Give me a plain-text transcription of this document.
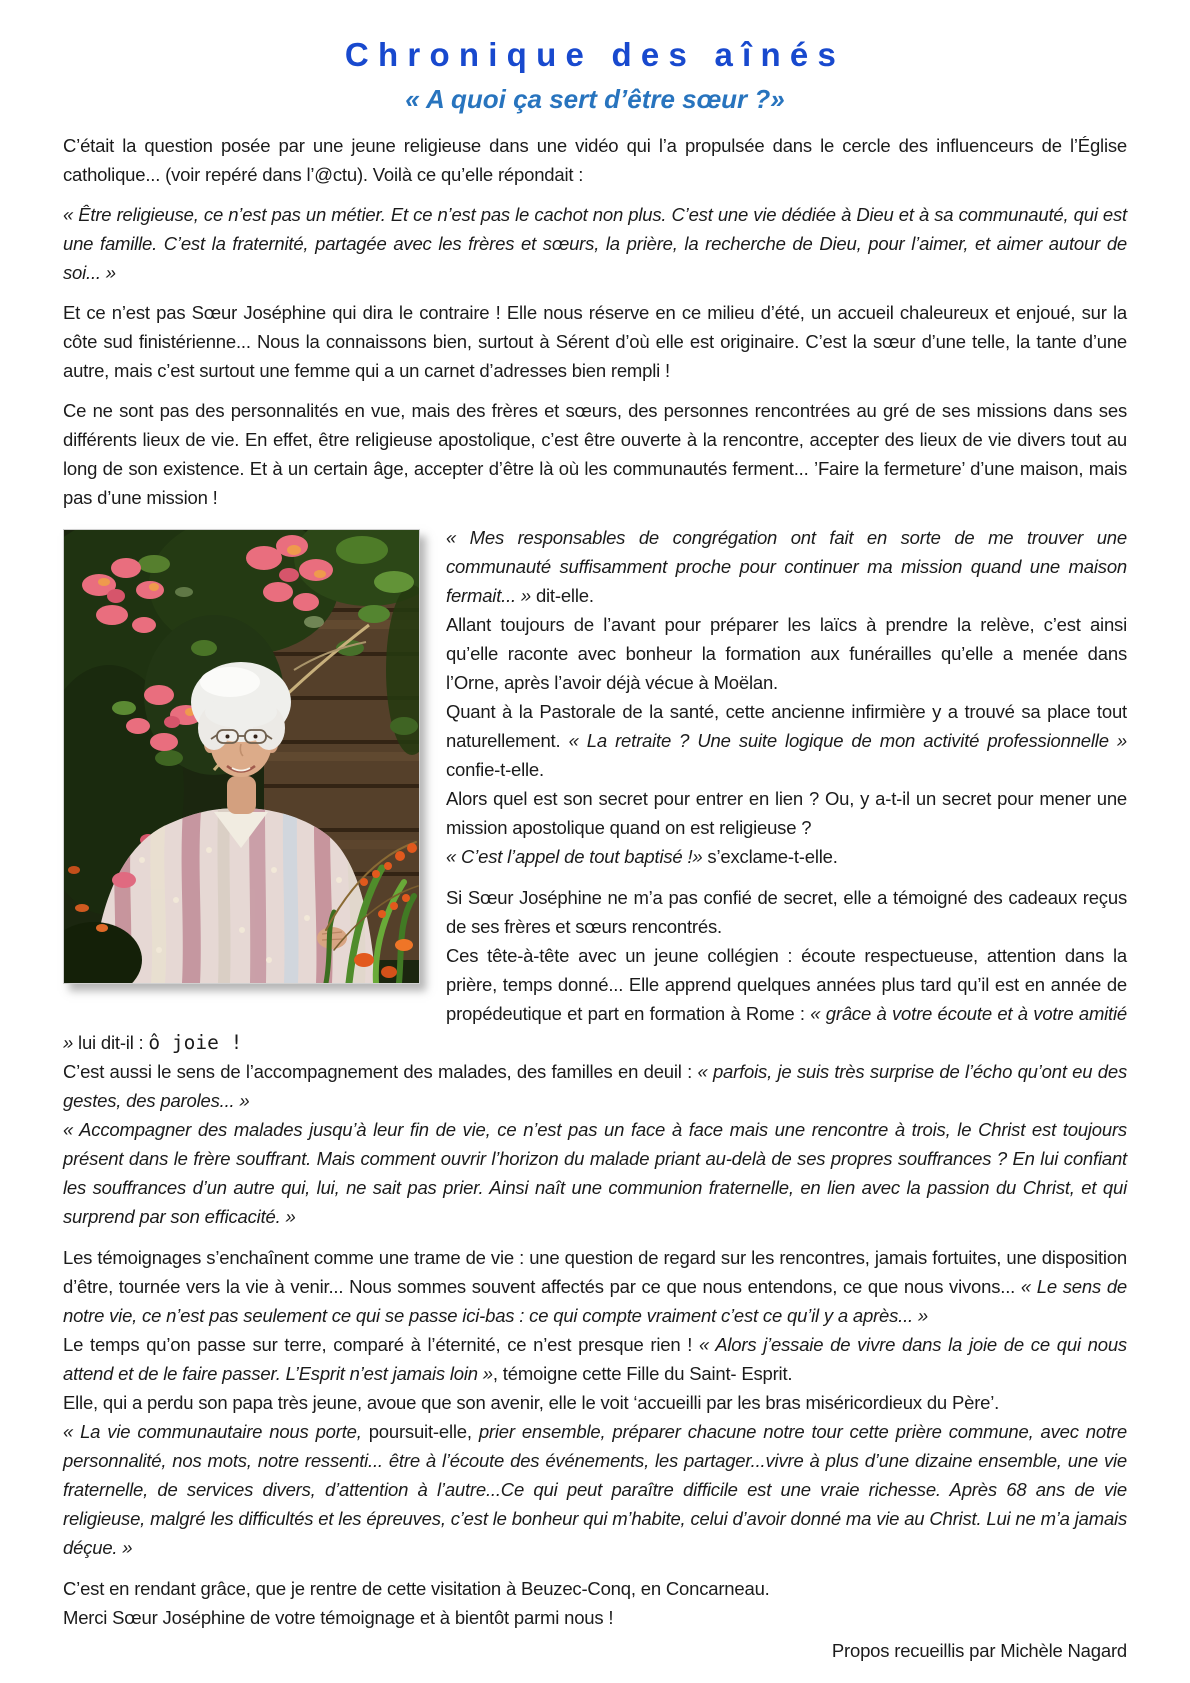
Chronique des aînés
« A quoi ça sert d’être sœur ?»

C’était la question posée par une jeune religieuse dans une vidéo qui l’a propulsée dans le cercle des influenceurs de l’Église catholique... (voir repéré dans l’@ctu). Voilà ce qu’elle répondait :

« Être religieuse, ce n’est pas un métier. Et ce n’est pas le cachot non plus. C’est une vie dédiée à Dieu et à sa communauté, qui est une famille. C’est la fraternité, partagée avec les frères et sœurs, la prière, la recherche de Dieu, pour l’aimer, et aimer autour de soi... »

Et ce n’est pas Sœur Joséphine qui dira le contraire ! Elle nous réserve en ce milieu d’été, un accueil chaleureux et enjoué, sur la côte sud finistérienne... Nous la connaissons bien, surtout à Sérent d’où elle est originaire. C’est la sœur d’une telle, la tante d’une autre, mais c’est surtout une femme qui a un carnet d’adresses bien rempli !

Ce ne sont pas des personnalités en vue, mais des frères et sœurs, des personnes rencontrées au gré de ses missions dans ses différents lieux de vie. En effet, être religieuse apostolique, c’est être ouverte à la rencontre, accepter des lieux de vie divers tout au long de son existence. Et à un certain âge, accepter d’être là où les communautés ferment... ’Faire la fermeture’ d’une maison, mais pas d’une mission !

« Mes responsables de congrégation ont fait en sorte de me trouver une communauté suffisamment proche pour continuer ma mission quand une maison fermait... » dit-elle.

Allant toujours de l’avant pour préparer les laïcs à prendre la relève, c’est ainsi qu’elle raconte avec bonheur la formation aux funérailles qu’elle a menée dans l’Orne, après l’avoir déjà vécue à Moëlan.

Quant à la Pastorale de la santé, cette ancienne infirmière y a trouvé sa place tout naturellement. « La retraite ? Une suite logique de mon activité professionnelle » confie-t-elle.

Alors quel est son secret pour entrer en lien ? Ou, y a-t-il un secret pour mener une mission apostolique quand on est religieuse ?

« C’est l’appel de tout baptisé !» s’exclame-t-elle.

Si Sœur Joséphine ne m’a pas confié de secret, elle a témoigné des cadeaux reçus de ses frères et sœurs rencontrés.

Ces tête-à-tête avec un jeune collégien : écoute respectueuse, attention dans la prière, temps donné... Elle apprend quelques années plus tard qu’il est en année de propédeutique et part en formation à Rome : « grâce à votre écoute et à votre amitié » lui dit-il : ô joie !

C’est aussi le sens de l’accompagnement des malades, des familles en deuil : « parfois, je suis très surprise de l’écho qu’ont eu des gestes, des paroles... »

« Accompagner des malades jusqu’à leur fin de vie, ce n’est pas un face à face mais une rencontre à trois, le Christ est toujours présent dans le frère souffrant. Mais comment ouvrir l’horizon du malade priant au-delà de ses propres souffrances ? En lui confiant les souffrances d’un autre qui, lui, ne sait pas prier. Ainsi naît une communion fraternelle, en lien avec la passion du Christ, et qui surprend par son efficacité. »

Les témoignages s’enchaînent comme une trame de vie : une question de regard sur les rencontres, jamais fortuites, une disposition d’être, tournée vers la vie à venir... Nous sommes souvent affectés par ce que nous entendons, ce que nous vivons... « Le sens de notre vie, ce n’est pas seulement ce qui se passe ici-bas : ce qui compte vraiment c’est ce qu’il y a après... »

Le temps qu’on passe sur terre, comparé à l’éternité, ce n’est presque rien ! « Alors j’essaie de vivre dans la joie de ce qui nous attend et de le faire passer. L’Esprit n’est jamais loin », témoigne cette Fille du Saint- Esprit.

Elle, qui a perdu son papa très jeune, avoue que son avenir, elle le voit ‘accueilli par les bras miséricordieux du Père’.

« La vie communautaire nous porte, poursuit-elle, prier ensemble, préparer chacune notre tour cette prière commune, avec notre personnalité, nos mots, notre ressenti... être à l’écoute des événements, les partager...vivre à plus d’une dizaine ensemble, une vie fraternelle, de services divers, d’attention à l’autre...Ce qui peut paraître difficile est une vraie richesse. Après 68 ans de vie religieuse, malgré les difficultés et les épreuves, c’est le bonheur qui m’habite, celui d’avoir donné ma vie au Christ. Lui ne m’a jamais déçue. »

C’est en rendant grâce, que je rentre de cette visitation à Beuzec-Conq, en Concarneau.

Merci Sœur Joséphine de votre témoignage et à bientôt parmi nous !

Propos recueillis par Michèle Nagard
